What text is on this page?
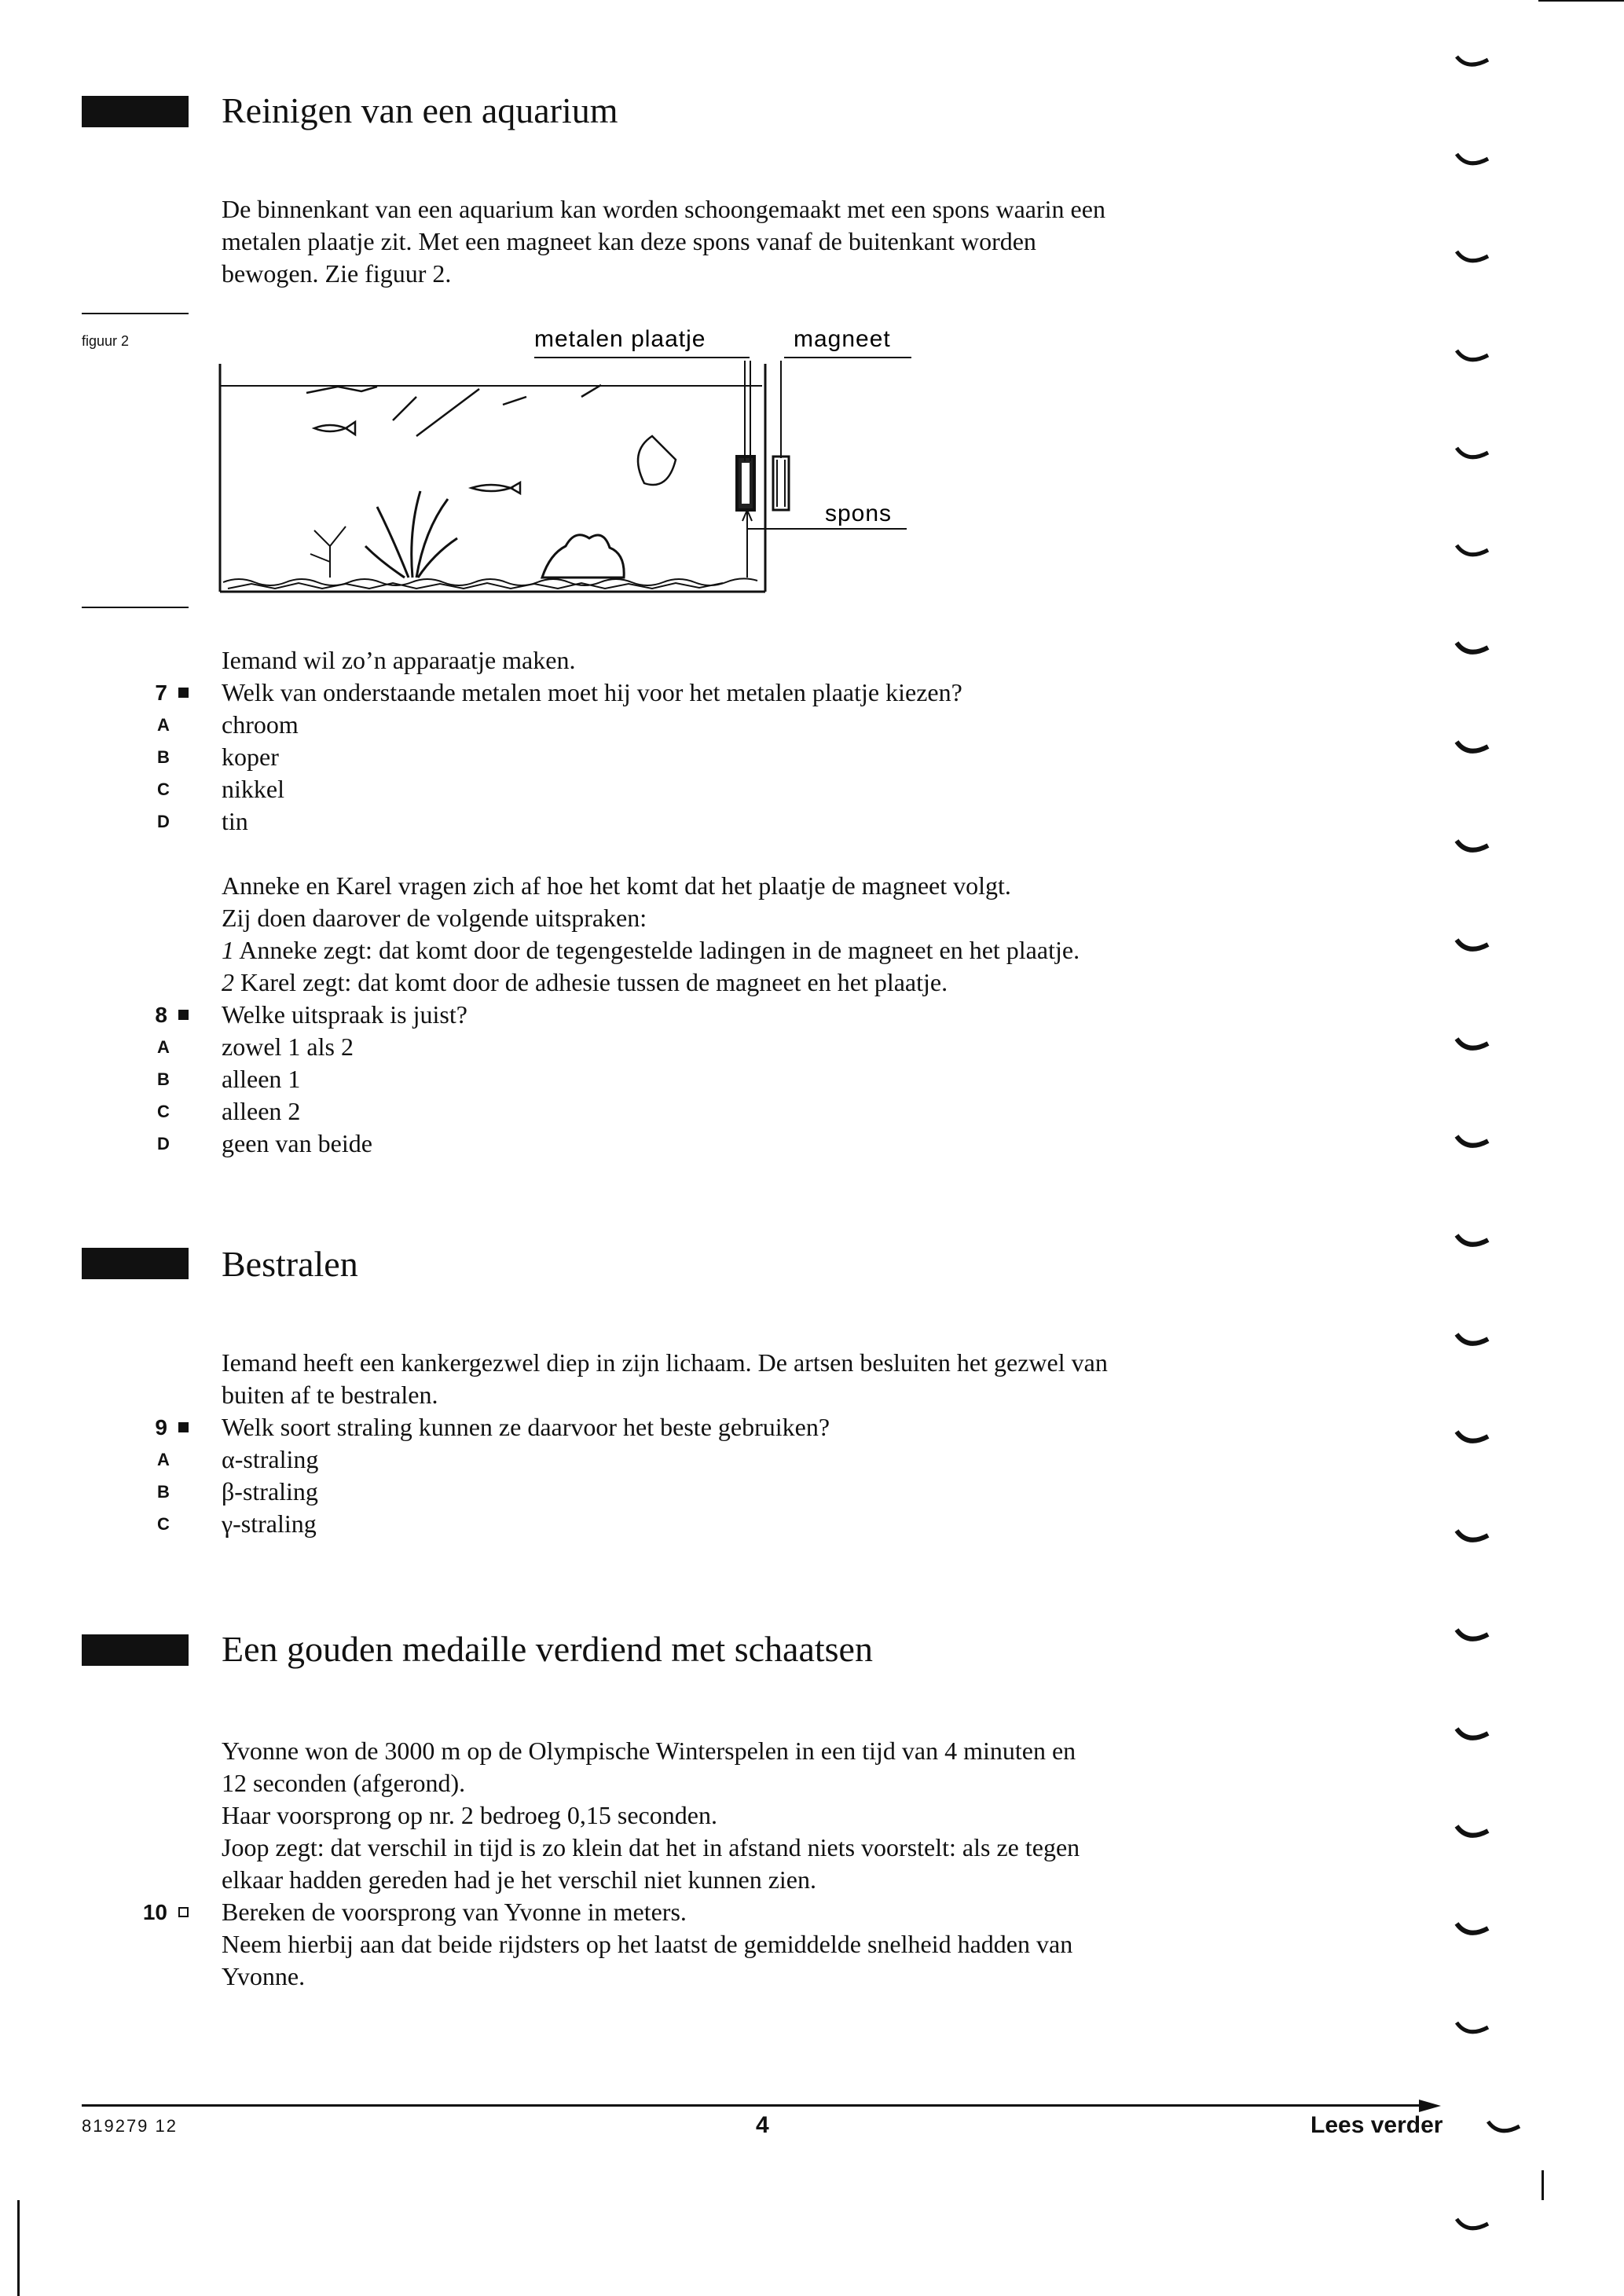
Reinigen van een aquarium
De binnenkant van een aquarium kan worden schoongemaakt met een spons waarin een
metalen plaatje zit. Met een magneet kan deze spons vanaf de buitenkant worden
bewogen. Zie figuur 2.
figuur 2	metalen plaatje	magneet
spons
Iemand wil zo’n apparaatje maken.
7	Welk van onderstaande metalen moet hij voor het metalen plaatje kiezen?
A	chroom
B	koper
C	nikkel
D	tin
Anneke en Karel vragen zich af hoe het komt dat het plaatje de magneet volgt.
Zij doen daarover de volgende uitspraken:
1 Anneke zegt: dat komt door de tegengestelde ladingen in de magneet en het plaatje.
2 Karel zegt: dat komt door de adhesie tussen de magneet en het plaatje.
8	Welke uitspraak is juist?
A	zowel 1 als 2
B	alleen 1
C	alleen 2
D	geen van beide
Bestralen
Iemand heeft een kankergezwel diep in zijn lichaam. De artsen besluiten het gezwel van
buiten af te bestralen.
9	Welk soort straling kunnen ze daarvoor het beste gebruiken?
A	α-straling
B	β-straling
C	γ-straling
Een gouden medaille verdiend met schaatsen
Yvonne won de 3000 m op de Olympische Winterspelen in een tijd van 4 minuten en
12 seconden (afgerond).
Haar voorsprong op nr. 2 bedroeg 0,15 seconden.
Joop zegt: dat verschil in tijd is zo klein dat het in afstand niets voorstelt: als ze tegen
elkaar hadden gereden had je het verschil niet kunnen zien.
10	Bereken de voorsprong van Yvonne in meters.
Neem hierbij aan dat beide rijdsters op het laatst de gemiddelde snelheid hadden van
Yvonne.
819279 12	4	Lees verder
